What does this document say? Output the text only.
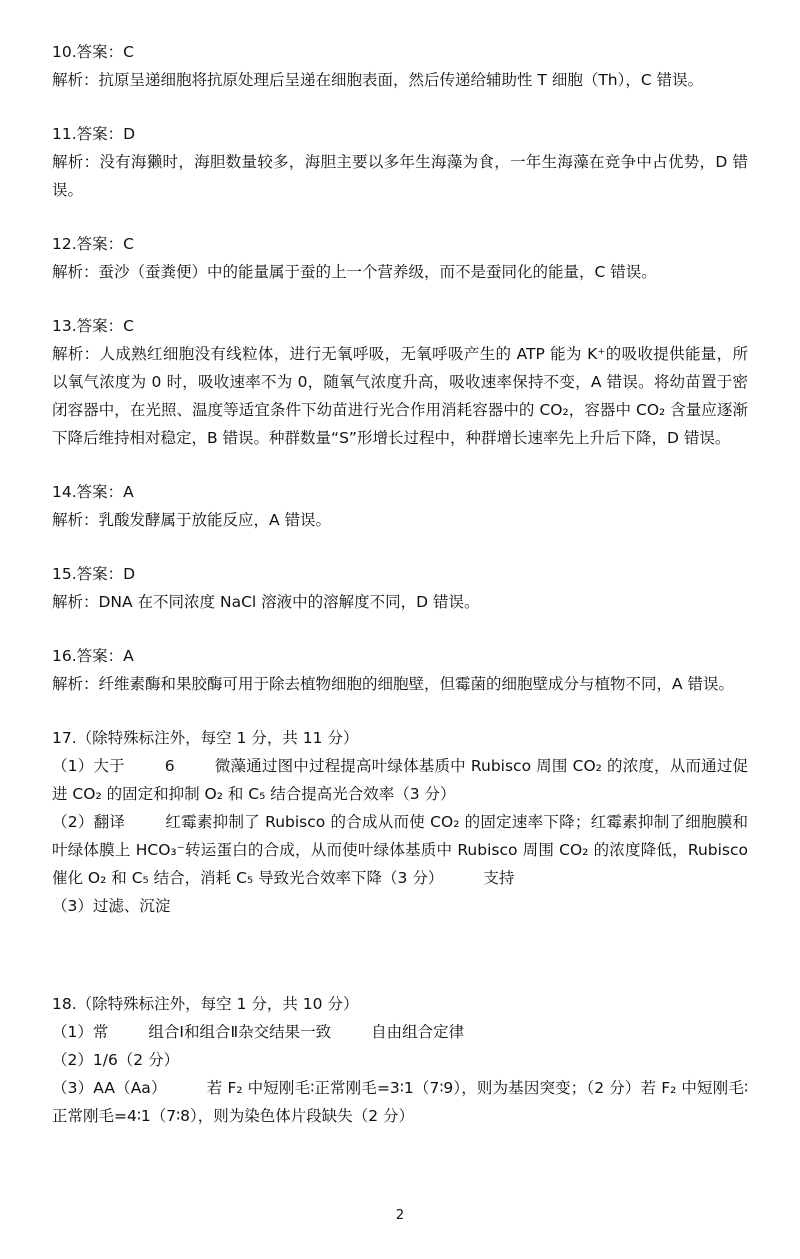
10.答案：C
解析：抗原呈递细胞将抗原处理后呈递在细胞表面，然后传递给辅助性 T 细胞（Th），C 错误。
11.答案：D
解析：没有海獭时，海胆数量较多，海胆主要以多年生海藻为食，一年生海藻在竞争中占优势，D 错误。
12.答案：C
解析：蚕沙（蚕粪便）中的能量属于蚕的上一个营养级，而不是蚕同化的能量，C 错误。
13.答案：C
解析：人成熟红细胞没有线粒体，进行无氧呼吸，无氧呼吸产生的 ATP 能为 K⁺的吸收提供能量，所以氧气浓度为 0 时，吸收速率不为 0，随氧气浓度升高，吸收速率保持不变，A 错误。将幼苗置于密闭容器中，在光照、温度等适宜条件下幼苗进行光合作用消耗容器中的 CO₂，容器中 CO₂ 含量应逐渐下降后维持相对稳定，B 错误。种群数量“S”形增长过程中，种群增长速率先上升后下降，D 错误。
14.答案：A
解析：乳酸发酵属于放能反应，A 错误。
15.答案：D
解析：DNA 在不同浓度 NaCl 溶液中的溶解度不同，D 错误。
16.答案：A
解析：纤维素酶和果胶酶可用于除去植物细胞的细胞壁，但霉菌的细胞壁成分与植物不同，A 错误。
17.（除特殊标注外，每空 1 分，共 11 分）
（1）大于	6	微藻通过图中过程提高叶绿体基质中 Rubisco 周围 CO₂ 的浓度，从而通过促进 CO₂ 的固定和抑制 O₂ 和 C₅ 结合提高光合效率（3 分）
（2）翻译	红霉素抑制了 Rubisco 的合成从而使 CO₂ 的固定速率下降；红霉素抑制了细胞膜和叶绿体膜上 HCO₃⁻转运蛋白的合成，从而使叶绿体基质中 Rubisco 周围 CO₂ 的浓度降低，Rubisco 催化 O₂ 和 C₅ 结合，消耗 C₅ 导致光合效率下降（3 分）	支持
（3）过滤、沉淀
18.（除特殊标注外，每空 1 分，共 10 分）
（1）常	组合Ⅰ和组合Ⅱ杂交结果一致	自由组合定律
（2）1/6（2 分）
（3）AA（Aa）	若 F₂ 中短刚毛∶正常刚毛=3∶1（7∶9），则为基因突变；（2 分）若 F₂ 中短刚毛∶正常刚毛=4∶1（7∶8），则为染色体片段缺失（2 分）
2
